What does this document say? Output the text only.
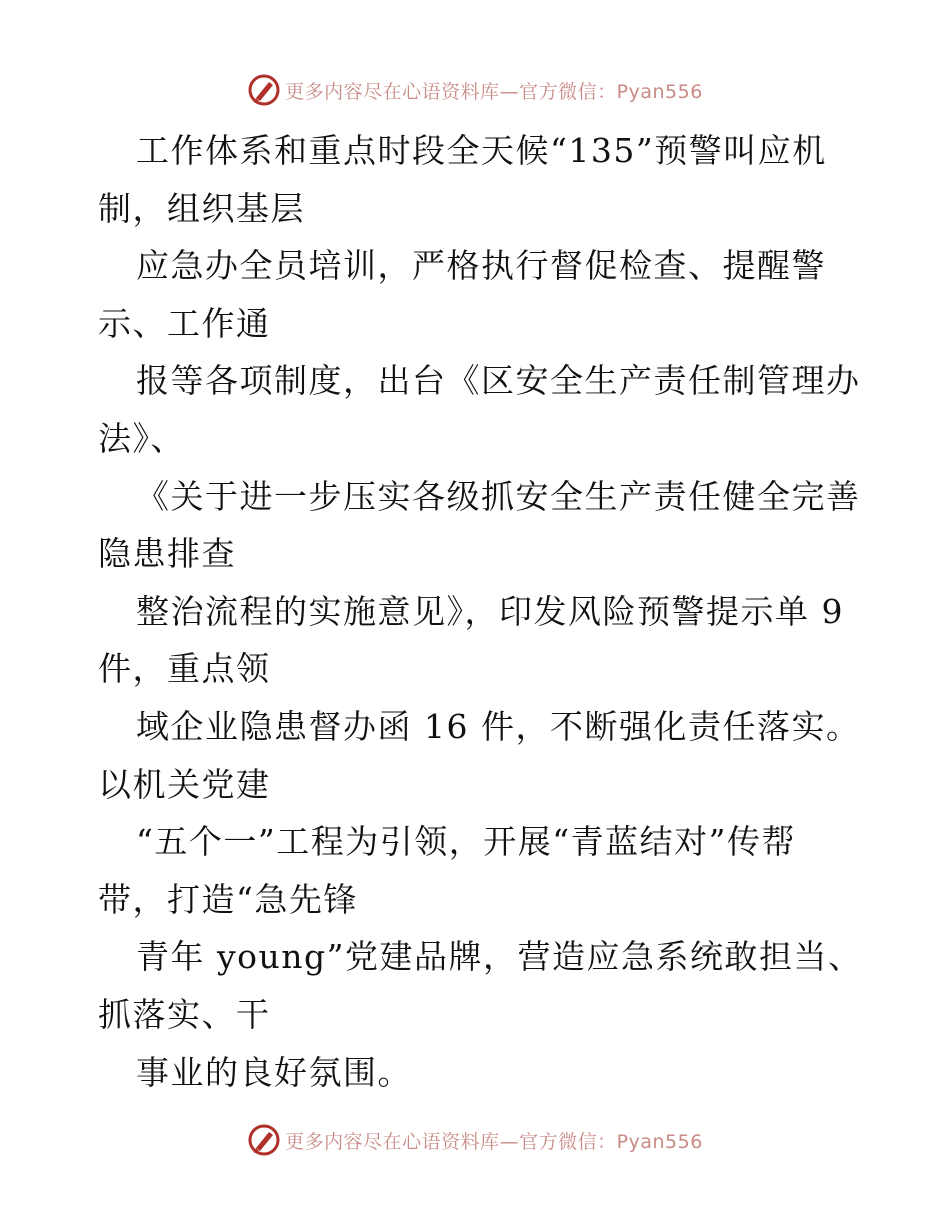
更多内容尽在心语资料库—官方微信：Pyan556
工作体系和重点时段全天候“135”预警叫应机
制，组织基层
应急办全员培训，严格执行督促检查、提醒警
示、工作通
报等各项制度，出台《区安全生产责任制管理办
法》、
《关于进一步压实各级抓安全生产责任健全完善
隐患排查
整治流程的实施意见》，印发风险预警提示单 9
件，重点领
域企业隐患督办函 16 件，不断强化责任落实。
以机关党建
“五个一”工程为引领，开展“青蓝结对”传帮
带，打造“急先锋
青年 young”党建品牌，营造应急系统敢担当、
抓落实、干
事业的良好氛围。
更多内容尽在心语资料库—官方微信：Pyan556
